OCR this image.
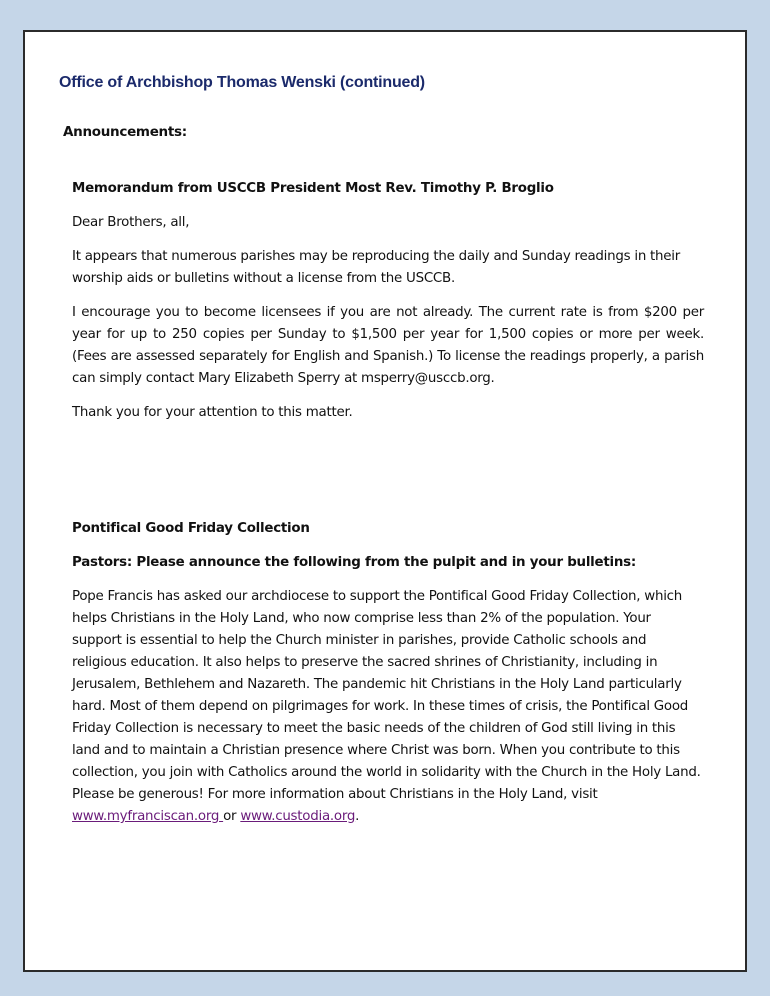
Office of Archbishop Thomas Wenski (continued)
Announcements:

Memorandum from USCCB President Most Rev. Timothy P. Broglio

Dear Brothers, all,

It appears that numerous parishes may be reproducing the daily and Sunday readings in their worship aids or bulletins without a license from the USCCB.

I encourage you to become licensees if you are not already. The current rate is from $200 per year for up to 250 copies per Sunday to $1,500 per year for 1,500 copies or more per week. (Fees are assessed separately for English and Spanish.) To license the readings properly, a parish can simply contact Mary Elizabeth Sperry at msperry@usccb.org.

Thank you for your attention to this matter.

Pontifical Good Friday Collection

Pastors: Please announce the following from the pulpit and in your bulletins:

Pope Francis has asked our archdiocese to support the Pontifical Good Friday Collection, which helps Christians in the Holy Land, who now comprise less than 2% of the population. Your support is essential to help the Church minister in parishes, provide Catholic schools and religious education. It also helps to preserve the sacred shrines of Christianity, including in Jerusalem, Bethlehem and Nazareth. The pandemic hit Christians in the Holy Land particularly hard. Most of them depend on pilgrimages for work. In these times of crisis, the Pontifical Good Friday Collection is necessary to meet the basic needs of the children of God still living in this land and to maintain a Christian presence where Christ was born. When you contribute to this collection, you join with Catholics around the world in solidarity with the Church in the Holy Land. Please be generous! For more information about Christians in the Holy Land, visit
www.myfranciscan.org or www.custodia.org.
